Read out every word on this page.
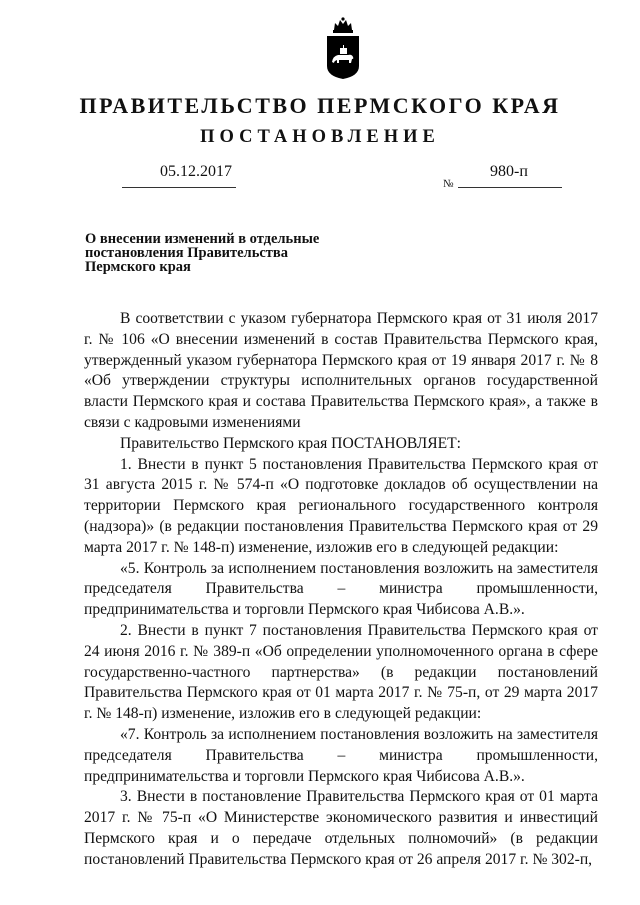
ПРАВИТЕЛЬСТВО ПЕРМСКОГО КРАЯ
ПОСТАНОВЛЕНИЕ
05.12.2017
№
980-п
О внесении изменений в отдельные
постановления Правительства
Пермского края

В соответствии с указом губернатора Пермского края от 31 июля 2017 г. № 106 «О внесении изменений в состав Правительства Пермского края, утвержденный указом губернатора Пермского края от 19 января 2017 г. № 8 «Об утверждении структуры исполнительных органов государственной власти Пермского края и состава Правительства Пермского края», а также в связи с кадровыми изменениями

Правительство Пермского края ПОСТАНОВЛЯЕТ:

1. Внести в пункт 5 постановления Правительства Пермского края от 31 августа 2015 г. № 574-п «О подготовке докладов об осуществлении на территории Пермского края регионального государственного контроля (надзора)» (в редакции постановления Правительства Пермского края от 29 марта 2017 г. № 148-п) изменение, изложив его в следующей редакции:

«5. Контроль за исполнением постановления возложить на заместителя председателя Правительства – министра промышленности, предпринимательства и торговли Пермского края Чибисова А.В.».

2. Внести в пункт 7 постановления Правительства Пермского края от 24 июня 2016 г. № 389-п «Об определении уполномоченного органа в сфере государственно-частного партнерства» (в редакции постановлений Правительства Пермского края от 01 марта 2017 г. № 75-п, от 29 марта 2017 г. № 148-п) изменение, изложив его в следующей редакции:

«7. Контроль за исполнением постановления возложить на заместителя председателя Правительства – министра промышленности, предпринимательства и торговли Пермского края Чибисова А.В.».

3. Внести в постановление Правительства Пермского края от 01 марта 2017 г. № 75-п «О Министерстве экономического развития и инвестиций Пермского края и о передаче отдельных полномочий» (в редакции постановлений Правительства Пермского края от 26 апреля 2017 г. № 302-п,
